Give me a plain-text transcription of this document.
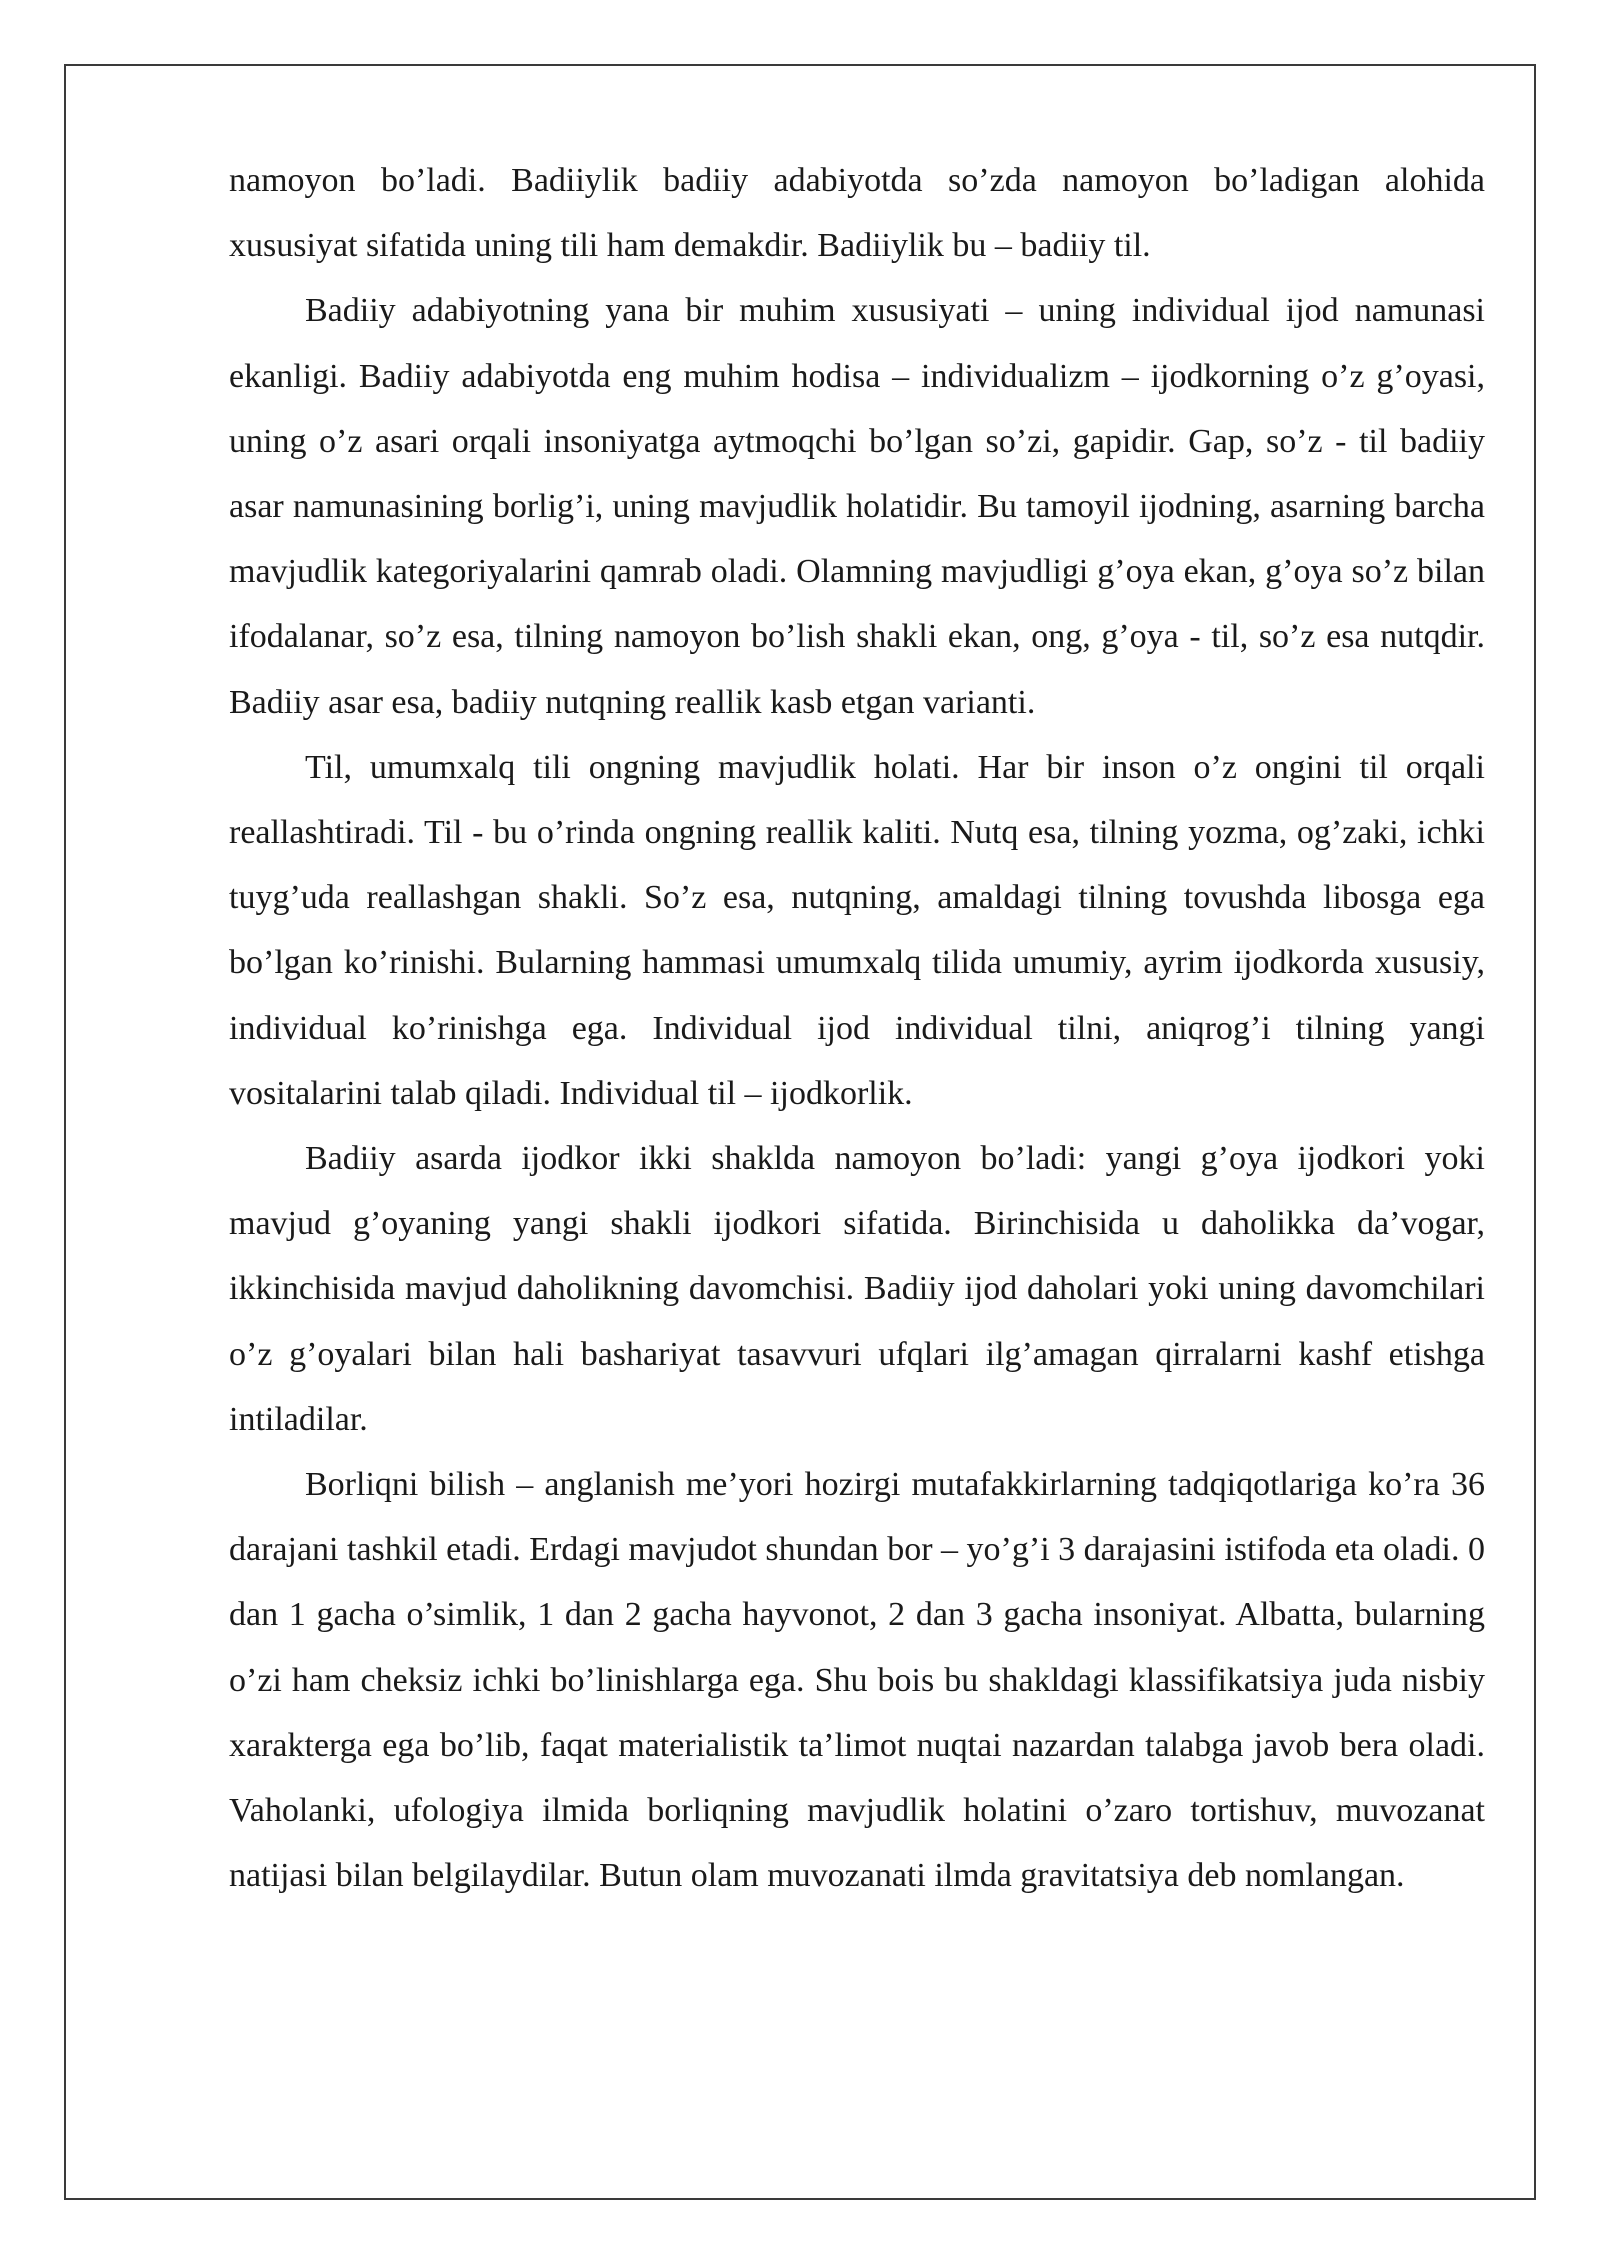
namoyon bo’ladi. Badiiylik badiiy adabiyotda so’zda namoyon bo’ladigan alohida xususiyat sifatida uning tili ham demakdir. Badiiylik bu – badiiy til.

Badiiy adabiyotning yana bir muhim xususiyati – uning individual ijod namunasi ekanligi. Badiiy adabiyotda eng muhim hodisa – individualizm – ijodkorning o’z g’oyasi, uning o’z asari orqali insoniyatga aytmoqchi bo’lgan so’zi, gapidir. Gap, so’z - til badiiy asar namunasining borlig’i, uning mavjudlik holatidir. Bu tamoyil ijodning, asarning barcha mavjudlik kategoriyalarini qamrab oladi. Olamning mavjudligi g’oya ekan, g’oya so’z bilan ifodalanar, so’z esa, tilning namoyon bo’lish shakli ekan, ong, g’oya - til, so’z esa nutqdir. Badiiy asar esa, badiiy nutqning reallik kasb etgan varianti.

Til, umumxalq tili ongning mavjudlik holati. Har bir inson o’z ongini til orqali reallashtiradi. Til - bu o’rinda ongning reallik kaliti. Nutq esa, tilning yozma, og’zaki, ichki tuyg’uda reallashgan shakli. So’z esa, nutqning, amaldagi tilning tovushda libosga ega bo’lgan ko’rinishi. Bularning hammasi umumxalq tilida umumiy, ayrim ijodkorda xususiy, individual ko’rinishga ega. Individual ijod individual tilni, aniqrog’i tilning yangi vositalarini talab qiladi. Individual til – ijodkorlik.

Badiiy asarda ijodkor ikki shaklda namoyon bo’ladi: yangi g’oya ijodkori yoki mavjud g’oyaning yangi shakli ijodkori sifatida. Birinchisida u daholikka da’vogar, ikkinchisida mavjud daholikning davomchisi. Badiiy ijod daholari yoki uning davomchilari o’z g’oyalari bilan hali bashariyat tasavvuri ufqlari ilg’amagan qirralarni kashf etishga intiladilar.

Borliqni bilish – anglanish me’yori hozirgi mutafakkirlarning tadqiqotlariga ko’ra 36 darajani tashkil etadi. Erdagi mavjudot shundan bor – yo’g’i 3 darajasini istifoda eta oladi. 0 dan 1 gacha o’simlik, 1 dan 2 gacha hayvonot, 2 dan 3 gacha insoniyat. Albatta, bularning o’zi ham cheksiz ichki bo’linishlarga ega. Shu bois bu shakldagi klassifikatsiya juda nisbiy xarakterga ega bo’lib, faqat materialistik ta’limot nuqtai nazardan talabga javob bera oladi. Vaholanki, ufologiya ilmida borliqning mavjudlik holatini o’zaro tortishuv, muvozanat natijasi bilan belgilaydilar. Butun olam muvozanati ilmda gravitatsiya deb nomlangan.
